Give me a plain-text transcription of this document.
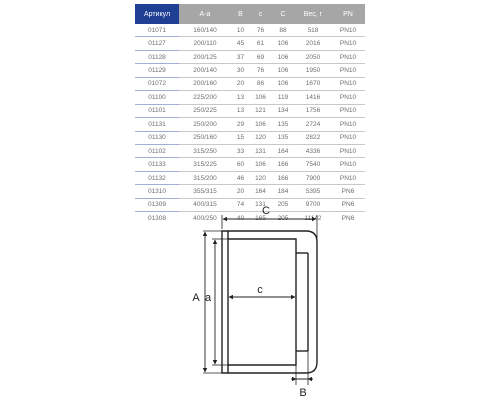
Артикул	A-a	B	c	C	Вес, г	PN
01071	160/140	10	76	88	518	PN10
01127	200/110	45	61	106	2016	PN10
01128	200/125	37	69	106	2050	PN10
01129	200/140	30	76	106	1950	PN10
01072	200/160	20	86	106	1670	PN10
01100	225/200	13	106	119	1416	PN10
01101	250/225	13	121	134	1756	PN10
01131	250/200	29	106	135	2724	PN10
01130	250/160	15	120	135	2822	PN10
01102	315/250	33	131	164	4336	PN10
01133	315/225	60	106	166	7540	PN10
01132	315/200	46	120	166	7900	PN10
01310	355/315	20	164	184	5395	PN6
01309	400/315	74	131	205	9700	PN6
01308	400/250	40	165	205	11142	PN6
C
A a
c
B
